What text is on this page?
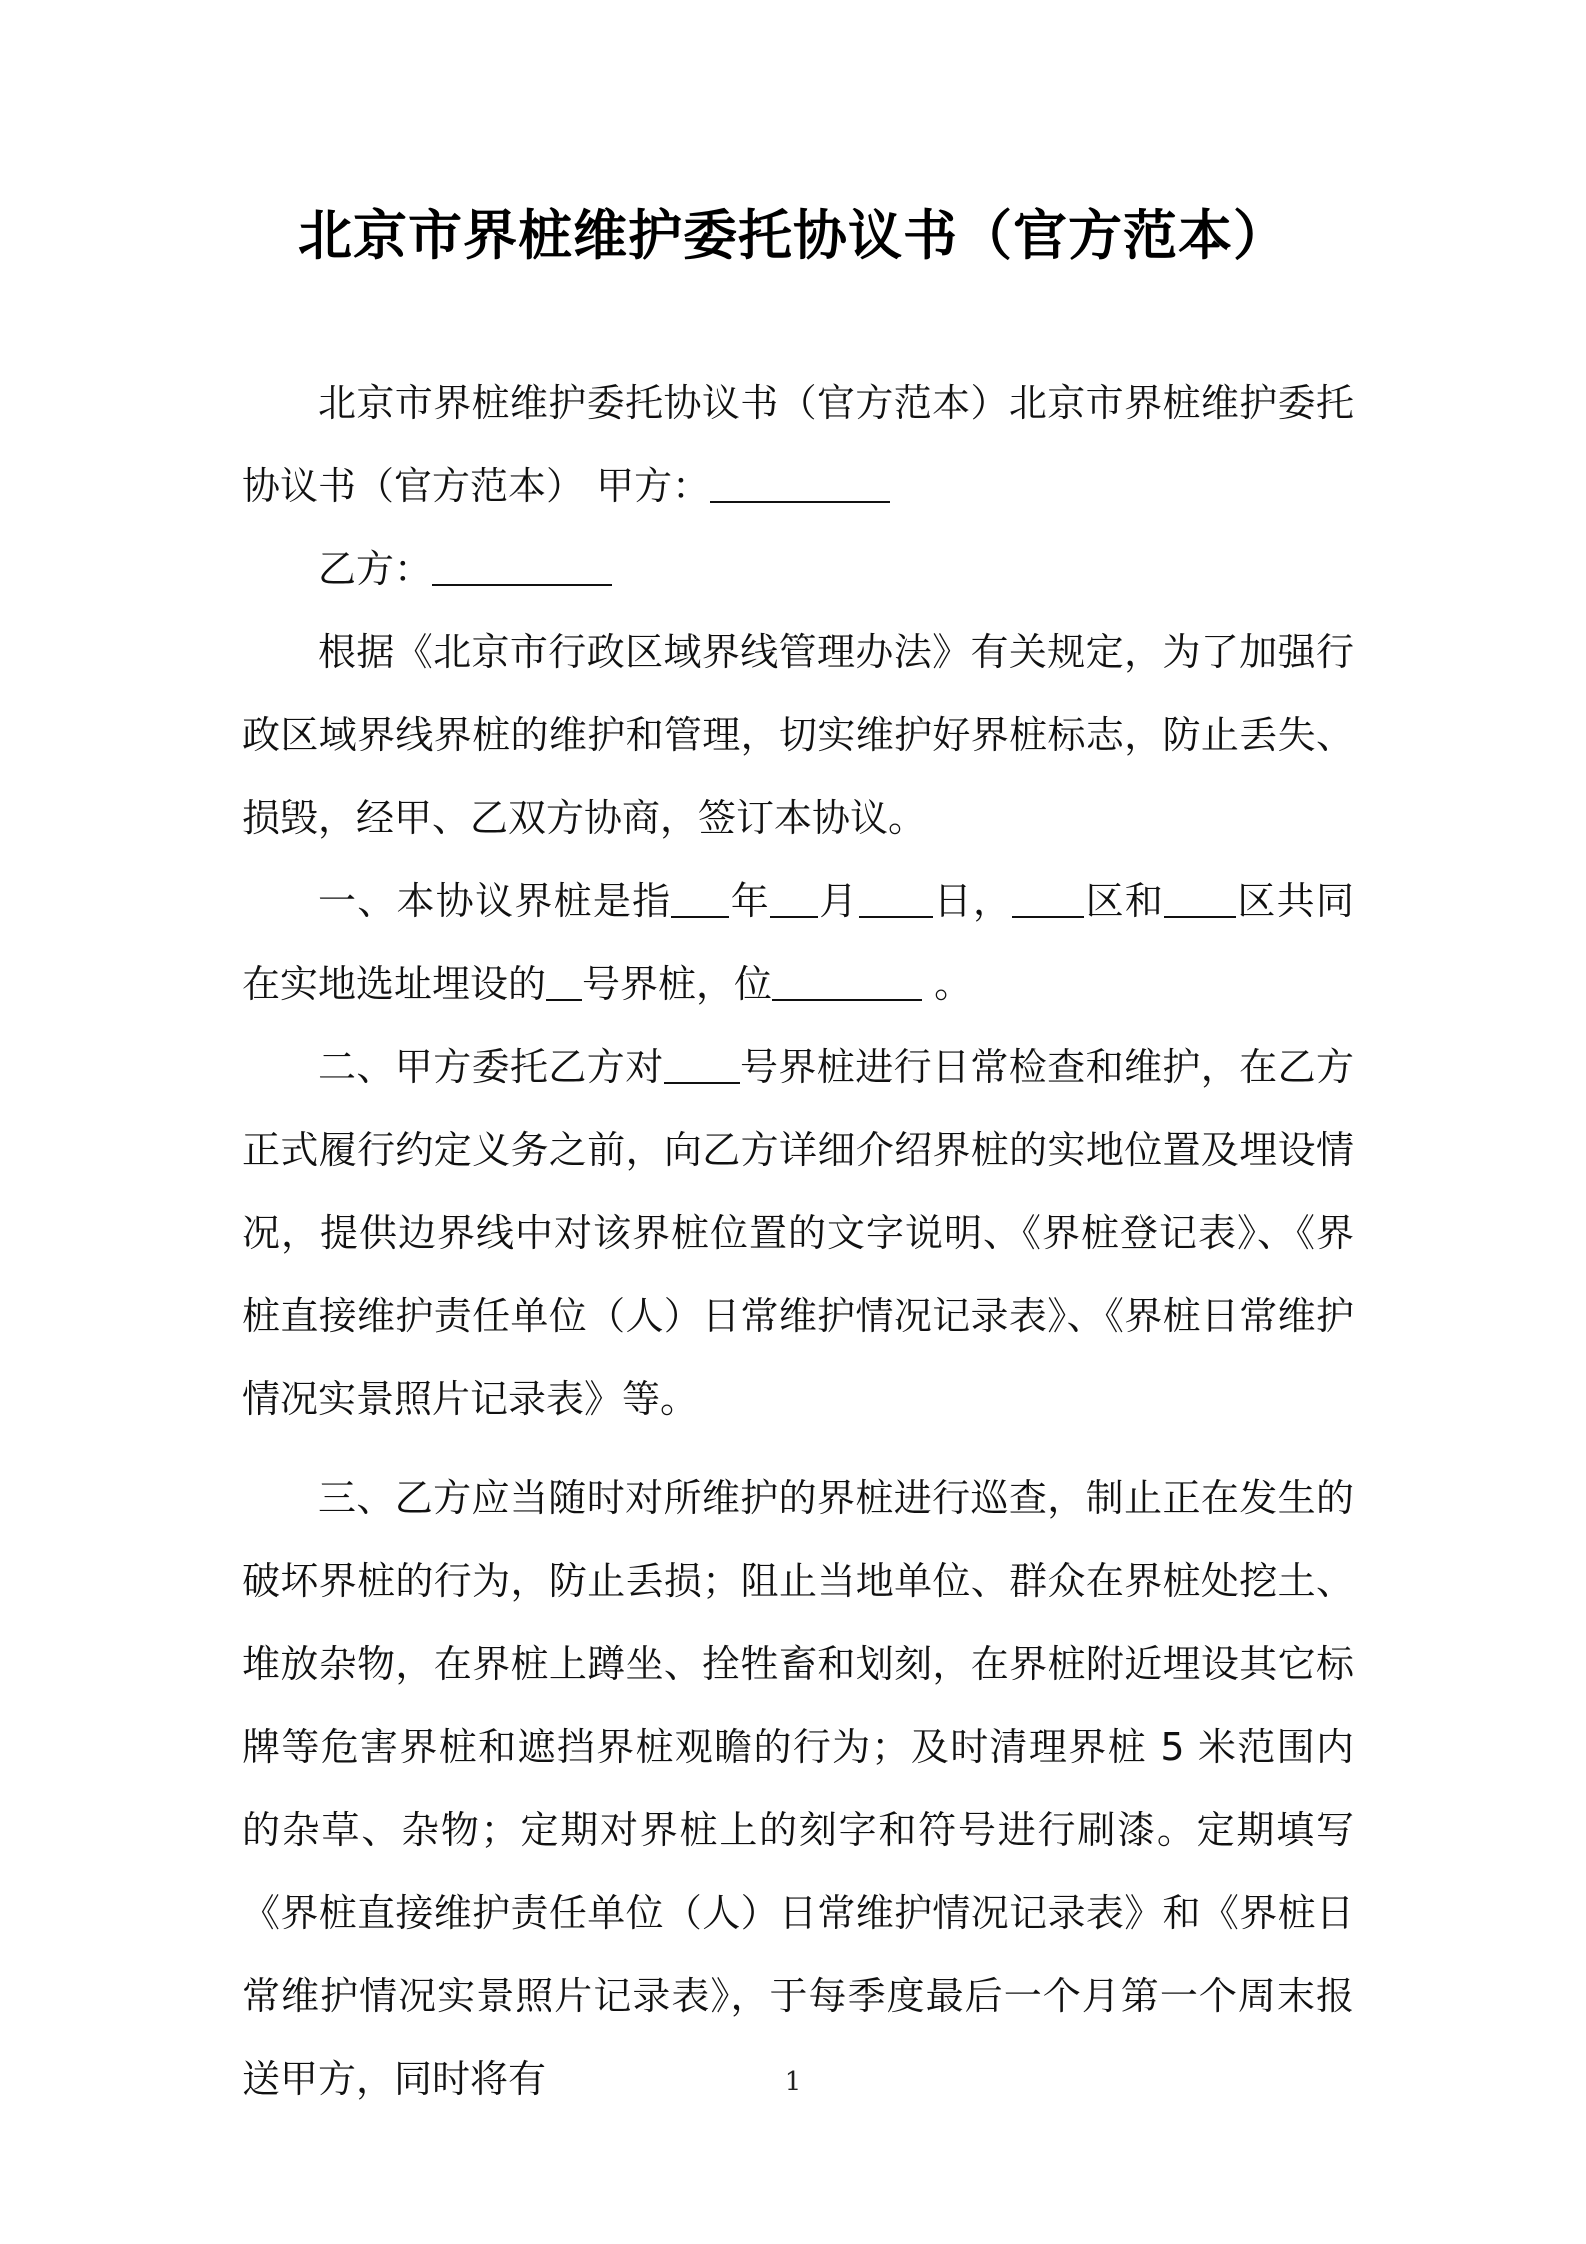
北京市界桩维护委托协议书（官方范本）

北京市界桩维护委托协议书（官方范本）北京市界桩维护委托协议书（官方范本） 甲方：

乙方：

根据《北京市行政区域界线管理办法》有关规定，为了加强行政区域界线界桩的维护和管理，切实维护好界桩标志，防止丢失、损毁，经甲、乙双方协商，签订本协议。

一、本协议界桩是指 年 月 日， 区和 区共同在实地选址埋设的 号界桩，位	。

二、甲方委托乙方对 号界桩进行日常检查和维护，在乙方正式履行约定义务之前，向乙方详细介绍界桩的实地位置及埋设情况，提供边界线中对该界桩位置的文字说明、《界桩登记表》、《界桩直接维护责任单位（人）日常维护情况记录表》、《界桩日常维护情况实景照片记录表》等。

三、乙方应当随时对所维护的界桩进行巡查，制止正在发生的破坏界桩的行为，防止丢损；阻止当地单位、群众在界桩处挖土、堆放杂物，在界桩上蹲坐、拴牲畜和划刻，在界桩附近埋设其它标牌等危害界桩和遮挡界桩观瞻的行为；及时清理界桩 5 米范围内的杂草、杂物；定期对界桩上的刻字和符号进行刷漆。定期填写《界桩直接维护责任单位（人）日常维护情况记录表》和《界桩日常维护情况实景照片记录表》，于每季度最后一个月第一个周末报送甲方，同时将有	1
